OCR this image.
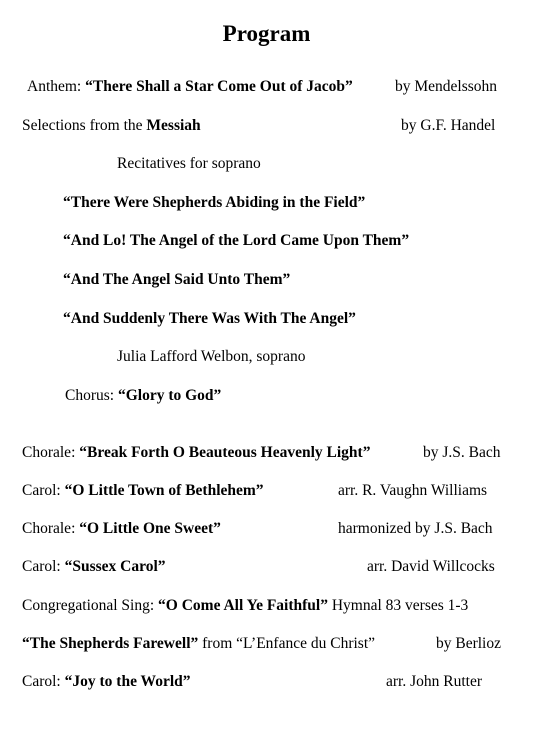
Program
Anthem: “There Shall a Star Come Out of Jacob”	by Mendelssohn
Selections from the Messiah	by G.F. Handel
Recitatives for soprano
“There Were Shepherds Abiding in the Field”
“And Lo! The Angel of the Lord Came Upon Them”
“And The Angel Said Unto Them”
“And Suddenly There Was With The Angel”
Julia Lafford Welbon, soprano
Chorus: “Glory to God”
Chorale: “Break Forth O Beauteous Heavenly Light”	by J.S. Bach
Carol: “O Little Town of Bethlehem”	arr. R. Vaughn Williams
Chorale: “O Little One Sweet”	harmonized by J.S. Bach
Carol: “Sussex Carol”	arr. David Willcocks
Congregational Sing: “O Come All Ye Faithful” Hymnal 83 verses 1-3
“The Shepherds Farewell” from “L’Enfance du Christ”	by Berlioz
Carol: “Joy to the World”	arr. John Rutter
